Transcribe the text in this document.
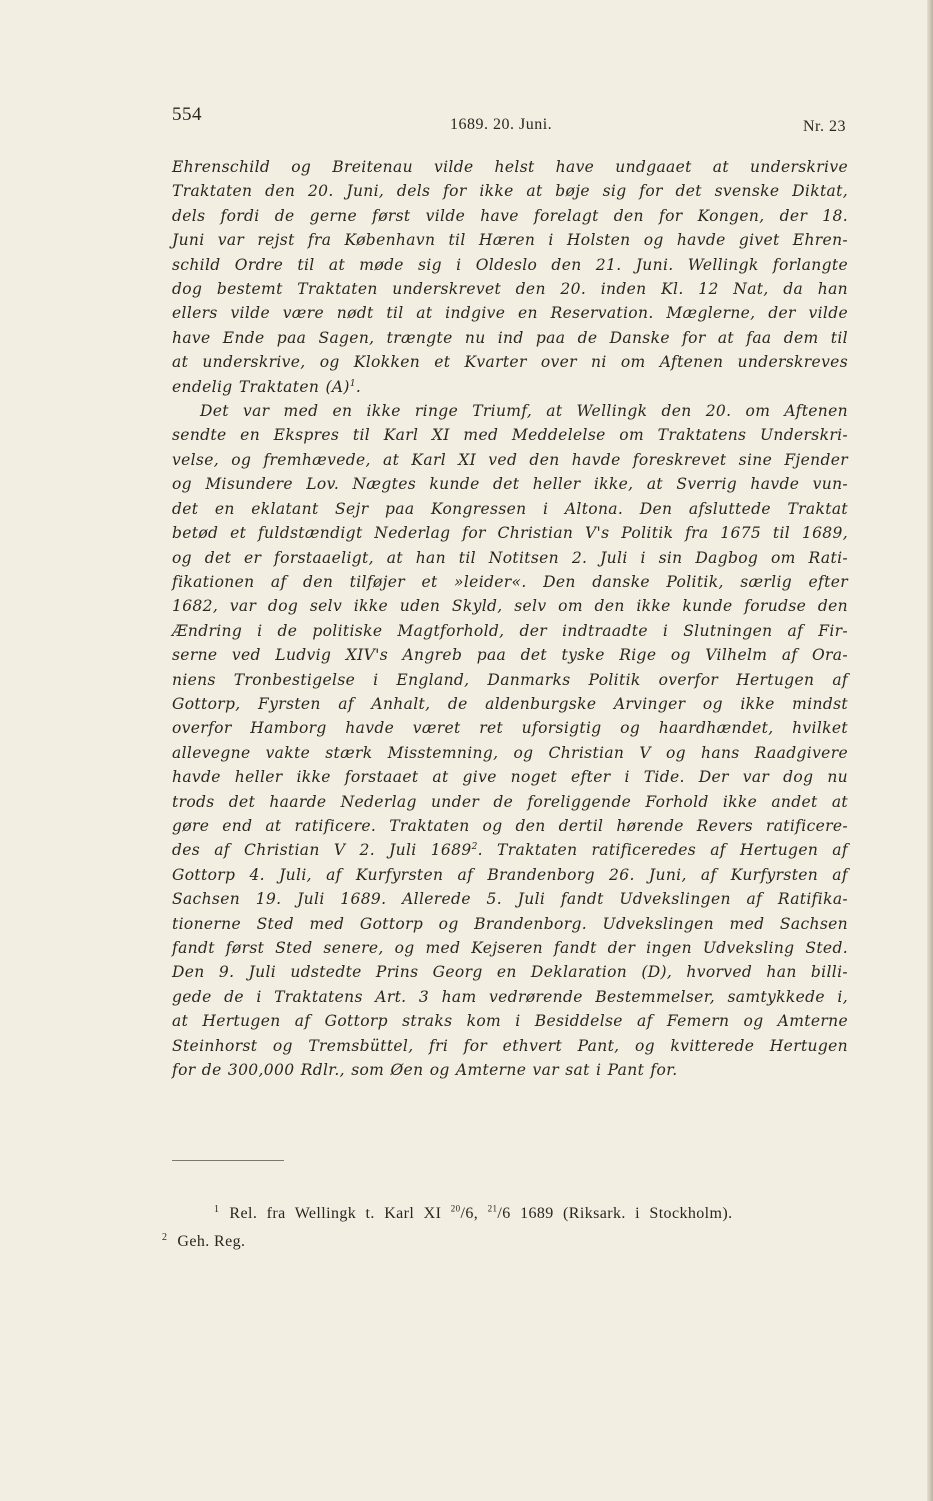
554	1689. 20. Juni.	Nr. 23
Ehrenschild og Breitenau vilde helst have undgaaet at underskrive
Traktaten den 20. Juni, dels for ikke at bøje sig for det svenske Diktat,
dels fordi de gerne først vilde have forelagt den for Kongen, der 18.
Juni var rejst fra København til Hæren i Holsten og havde givet Ehren-
schild Ordre til at møde sig i Oldeslo den 21. Juni. Wellingk forlangte
dog bestemt Traktaten underskrevet den 20. inden Kl. 12 Nat, da han
ellers vilde være nødt til at indgive en Reservation. Mæglerne, der vilde
have Ende paa Sagen, trængte nu ind paa de Danske for at faa dem til
at underskrive, og Klokken et Kvarter over ni om Aftenen underskreves
endelig Traktaten $(A)^1$.
Det var med en ikke ringe Triumf, at Wellingk den 20. om Aftenen
sendte en Ekspres til Karl XI med Meddelelse om Traktatens Underskri-
velse, og fremhævede, at Karl XI ved den havde foreskrevet sine Fjender
og Misundere Lov. Nægtes kunde det heller ikke, at Sverrig havde vun-
det en eklatant Sejr paa Kongressen i Altona. Den afsluttede Traktat
betød et fuldstændigt Nederlag for Christian V's Politik fra 1675 til 1689,
og det er forstaaeligt, at han til Notitsen 2. Juli i sin Dagbog om Rati-
fikationen af den tilføjer et »leider«. Den danske Politik, særlig efter
1682, var dog selv ikke uden Skyld, selv om den ikke kunde forudse den
Ændring i de politiske Magtforhold, der indtraadte i Slutningen af Fir-
serne ved Ludvig XIV's Angreb paa det tyske Rige og Vilhelm af Ora-
niens Tronbestigelse i England, Danmarks Politik overfor Hertugen af
Gottorp, Fyrsten af Anhalt, de aldenburgske Arvinger og ikke mindst
overfor Hamborg havde været ret uforsigtig og haardhændet, hvilket
allevegne vakte stærk Misstemning, og Christian V og hans Raadgivere
havde heller ikke forstaaet at give noget efter i Tide. Der var dog nu
trods det haarde Nederlag under de foreliggende Forhold ikke andet at
gøre end at ratificere. Traktaten og den dertil hørende Revers ratificere-
des af Christian V 2. Juli 1689$^2$. Traktaten ratificeredes af Hertugen af
Gottorp 4. Juli, af Kurfyrsten af Brandenborg 26. Juni, af Kurfyrsten af
Sachsen 19. Juli 1689. Allerede 5. Juli fandt Udvekslingen af Ratifika-
tionerne Sted med Gottorp og Brandenborg. Udvekslingen med Sachsen
fandt først Sted senere, og med Kejseren fandt der ingen Udveksling Sted.
Den 9. Juli udstedte Prins Georg en Deklaration (D), hvorved han billi-
gede de i Traktatens Art. 3 ham vedrørende Bestemmelser, samtykkede i,
at Hertugen af Gottorp straks kom i Besiddelse af Femern og Amterne
Steinhorst og Tremsbüttel, fri for ethvert Pant, og kvitterede Hertugen
for de 300,000 Rdlr., som Øen og Amterne var sat i Pant for.
$^1$ Rel. fra Wellingk t. Karl XI $^{20}$/6, $^{21}$/6 1689 (Riksark. i Stockholm).
$^2$ Geh. Reg.
